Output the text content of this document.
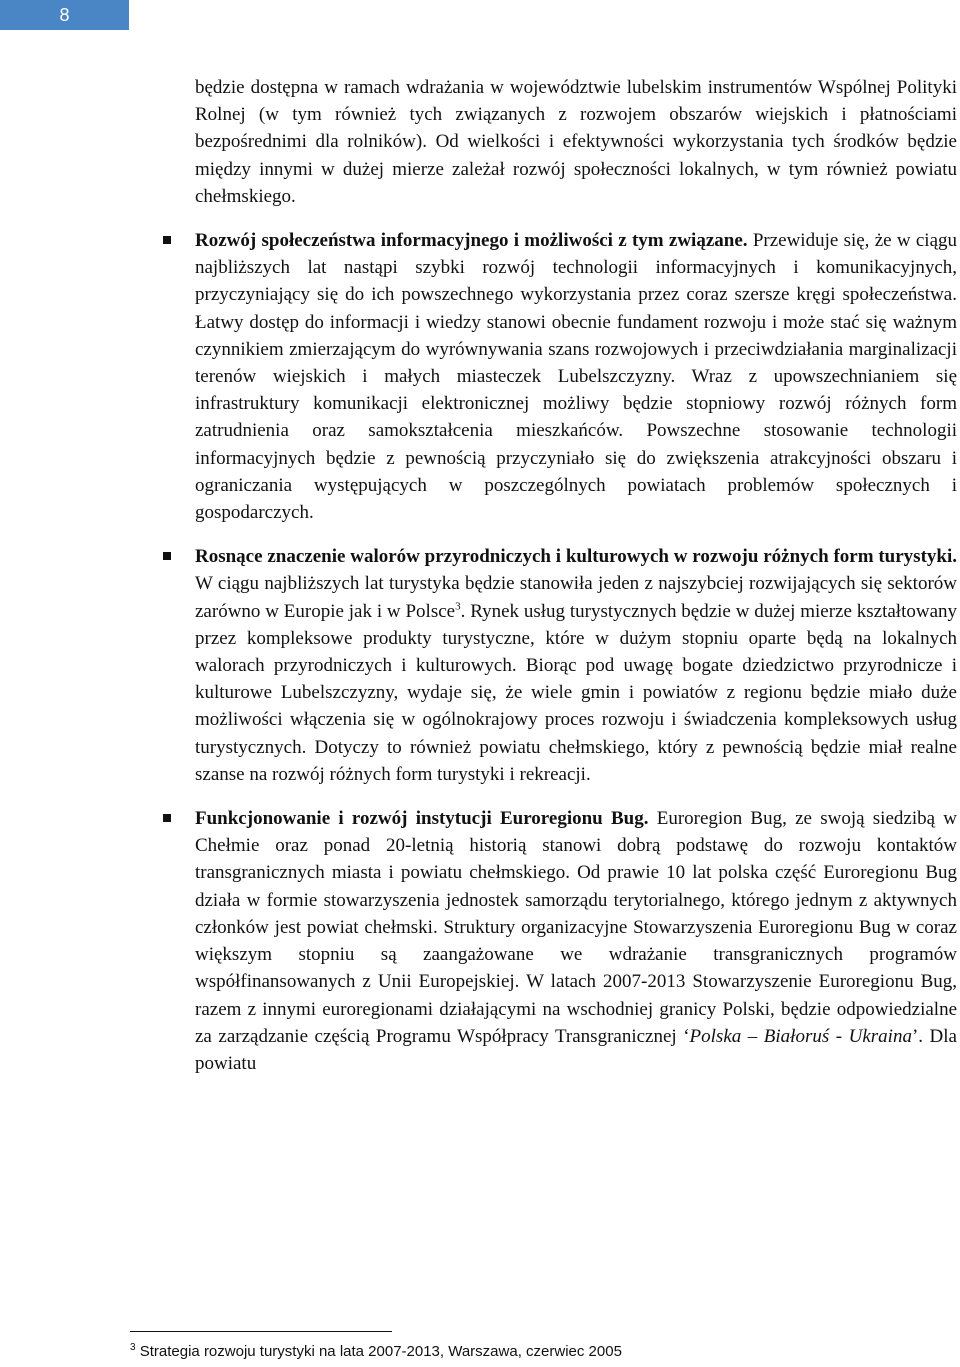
8

będzie dostępna w ramach wdrażania w województwie lubelskim instrumentów Wspólnej Polityki Rolnej (w tym również tych związanych z rozwojem obszarów wiejskich i płatnościami bezpośrednimi dla rolników). Od wielkości i efektywności wykorzystania tych środków będzie między innymi w dużej mierze zależał rozwój społeczności lokalnych, w tym również powiatu chełmskiego.

Rozwój społeczeństwa informacyjnego i możliwości z tym związane. Przewiduje się, że w ciągu najbliższych lat nastąpi szybki rozwój technologii informacyjnych i komunikacyjnych, przyczyniający się do ich powszechnego wykorzystania przez coraz szersze kręgi społeczeństwa. Łatwy dostęp do informacji i wiedzy stanowi obecnie fundament rozwoju i może stać się ważnym czynnikiem zmierzającym do wyrównywania szans rozwojowych i przeciwdziałania marginalizacji terenów wiejskich i małych miasteczek Lubelszczyzny. Wraz z upowszechnianiem się infrastruktury komunikacji elektronicznej możliwy będzie stopniowy rozwój różnych form zatrudnienia oraz samokształcenia mieszkańców. Powszechne stosowanie technologii informacyjnych będzie z pewnością przyczyniało się do zwiększenia atrakcyjności obszaru i ograniczania występujących w poszczególnych powiatach problemów społecznych i gospodarczych.

Rosnące znaczenie walorów przyrodniczych i kulturowych w rozwoju różnych form turystyki. W ciągu najbliższych lat turystyka będzie stanowiła jeden z najszybciej rozwijających się sektorów zarówno w Europie jak i w Polsce$^3$. Rynek usług turystycznych będzie w dużej mierze kształtowany przez kompleksowe produkty turystyczne, które w dużym stopniu oparte będą na lokalnych walorach przyrodniczych i kulturowych. Biorąc pod uwagę bogate dziedzictwo przyrodnicze i kulturowe Lubelszczyzny, wydaje się, że wiele gmin i powiatów z regionu będzie miało duże możliwości włączenia się w ogólnokrajowy proces rozwoju i świadczenia kompleksowych usług turystycznych. Dotyczy to również powiatu chełmskiego, który z pewnością będzie miał realne szanse na rozwój różnych form turystyki i rekreacji.

Funkcjonowanie i rozwój instytucji Euroregionu Bug. Euroregion Bug, ze swoją siedzibą w Chełmie oraz ponad 20-letnią historią stanowi dobrą podstawę do rozwoju kontaktów transgranicznych miasta i powiatu chełmskiego. Od prawie 10 lat polska część Euroregionu Bug działa w formie stowarzyszenia jednostek samorządu terytorialnego, którego jednym z aktywnych członków jest powiat chełmski. Struktury organizacyjne Stowarzyszenia Euroregionu Bug w coraz większym stopniu są zaangażowane we wdrażanie transgranicznych programów współfinansowanych z Unii Europejskiej. W latach 2007-2013 Stowarzyszenie Euroregionu Bug, razem z innymi euroregionami działającymi na wschodniej granicy Polski, będzie odpowiedzialne za zarządzanie częścią Programu Współpracy Transgranicznej ‘Polska – Białoruś - Ukraina’. Dla powiatu

$^3$ Strategia rozwoju turystyki na lata 2007-2013, Warszawa, czerwiec 2005
